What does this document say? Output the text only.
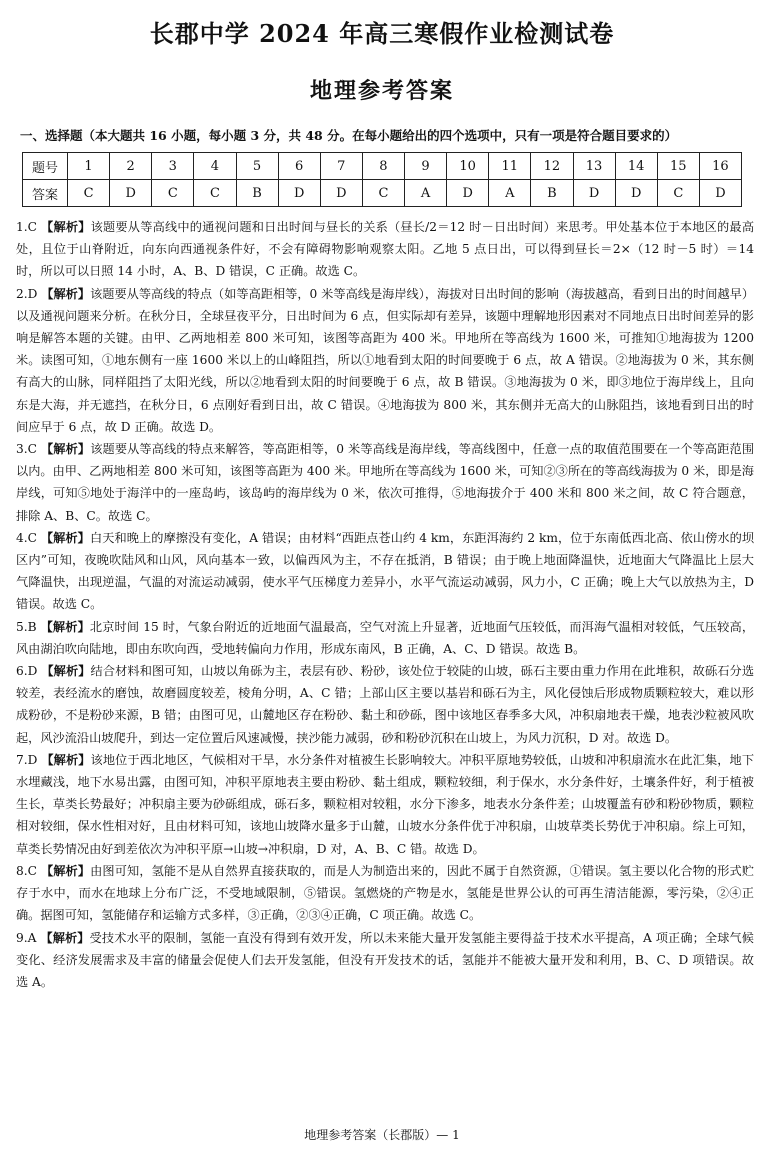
长郡中学 2024 年高三寒假作业检测试卷
地理参考答案
一、选择题（本大题共 16 小题，每小题 3 分，共 48 分。在每小题给出的四个选项中，只有一项是符合题目要求的）
题号	1	2	3	4	5	6	7	8	9	10	11	12	13	14	15	16
答案	C	D	C	C	B	D	D	C	A	D	A	B	D	D	C	D

1.C 【解析】该题要从等高线中的通视问题和日出时间与昼长的关系（昼长/2＝12 时－日出时间）来思考。甲处基本位于本地区的最高处，且位于山脊附近，向东向西通视条件好，不会有障碍物影响观察太阳。乙地 5 点日出，可以得到昼长＝2×（12 时－5 时）＝14 时，所以可以日照 14 小时，A、B、D 错误，C 正确。故选 C。

2.D 【解析】该题要从等高线的特点（如等高距相等，0 米等高线是海岸线），海拔对日出时间的影响（海拔越高，看到日出的时间越早）以及通视问题来分析。在秋分日，全球昼夜平分，日出时间为 6 点，但实际却有差异，该题中理解地形因素对不同地点日出时间差异的影响是解答本题的关键。由甲、乙两地相差 800 米可知，该图等高距为 400 米。甲地所在等高线为 1600 米，可推知①地海拔为 1200 米。读图可知，①地东侧有一座 1600 米以上的山峰阻挡，所以①地看到太阳的时间要晚于 6 点，故 A 错误。②地海拔为 0 米，其东侧有高大的山脉，同样阻挡了太阳光线，所以②地看到太阳的时间要晚于 6 点，故 B 错误。③地海拔为 0 米，即③地位于海岸线上，且向东是大海，并无遮挡，在秋分日，6 点刚好看到日出，故 C 错误。④地海拔为 800 米，其东侧并无高大的山脉阻挡，该地看到日出的时间应早于 6 点，故 D 正确。故选 D。

3.C 【解析】该题要从等高线的特点来解答，等高距相等，0 米等高线是海岸线，等高线图中，任意一点的取值范围要在一个等高距范围以内。由甲、乙两地相差 800 米可知，该图等高距为 400 米。甲地所在等高线为 1600 米，可知②③所在的等高线海拔为 0 米，即是海岸线，可知⑤地处于海洋中的一座岛屿，该岛屿的海岸线为 0 米，依次可推得，⑤地海拔介于 400 米和 800 米之间，故 C 符合题意，排除 A、B、C。故选 C。

4.C 【解析】白天和晚上的摩擦没有变化，A 错误；由材料“西距点苍山约 4 km，东距洱海约 2 km，位于东南低西北高、依山傍水的坝区内”可知，夜晚吹陆风和山风，风向基本一致，以偏西风为主，不存在抵消，B 错误；由于晚上地面降温快，近地面大气降温比上层大气降温快，出现逆温，气温的对流运动减弱，使水平气压梯度力差异小，水平气流运动减弱，风力小，C 正确；晚上大气以放热为主，D 错误。故选 C。

5.B 【解析】北京时间 15 时，气象台附近的近地面气温最高，空气对流上升显著，近地面气压较低，而洱海气温相对较低，气压较高，风由湖泊吹向陆地，即由东吹向西，受地转偏向力作用，形成东南风，B 正确，A、C、D 错误。故选 B。

6.D 【解析】结合材料和图可知，山坡以角砾为主，表层有砂、粉砂，该处位于较陡的山坡，砾石主要由重力作用在此堆积，故砾石分选较差，表经流水的磨蚀，故磨圆度较差，棱角分明，A、C 错；上部山区主要以基岩和砾石为主，风化侵蚀后形成物质颗粒较大，难以形成粉砂，不是粉砂来源，B 错；由图可见，山麓地区存在粉砂、黏土和砂砾，图中该地区春季多大风，冲积扇地表干燥，地表沙粒被风吹起，风沙流沿山坡爬升，到达一定位置后风速减慢，挟沙能力减弱，砂和粉砂沉积在山坡上，为风力沉积，D 对。故选 D。

7.D 【解析】该地位于西北地区，气候相对干旱，水分条件对植被生长影响较大。冲积平原地势较低，山坡和冲积扇流水在此汇集，地下水埋藏浅，地下水易出露，由图可知，冲积平原地表主要由粉砂、黏土组成，颗粒较细，利于保水，水分条件好，土壤条件好，利于植被生长，草类长势最好；冲积扇主要为砂砾组成，砾石多，颗粒相对较粗，水分下渗多，地表水分条件差；山坡覆盖有砂和粉砂物质，颗粒相对较细，保水性相对好，且由材料可知，该地山坡降水量多于山麓，山坡水分条件优于冲积扇，山坡草类长势优于冲积扇。综上可知，草类长势情况由好到差依次为冲积平原→山坡→冲积扇，D 对，A、B、C 错。故选 D。

8.C 【解析】由图可知，氢能不是从自然界直接获取的，而是人为制造出来的，因此不属于自然资源，①错误。氢主要以化合物的形式贮存于水中，而水在地球上分布广泛，不受地域限制，⑤错误。氢燃烧的产物是水，氢能是世界公认的可再生清洁能源，零污染，②④正确。据图可知，氢能储存和运输方式多样，③正确，②③④正确，C 项正确。故选 C。

9.A 【解析】受技术水平的限制，氢能一直没有得到有效开发，所以未来能大量开发氢能主要得益于技术水平提高，A 项正确；全球气候变化、经济发展需求及丰富的储量会促使人们去开发氢能，但没有开发技术的话，氢能并不能被大量开发和利用，B、C、D 项错误。故选 A。

地理参考答案（长郡版）— 1
